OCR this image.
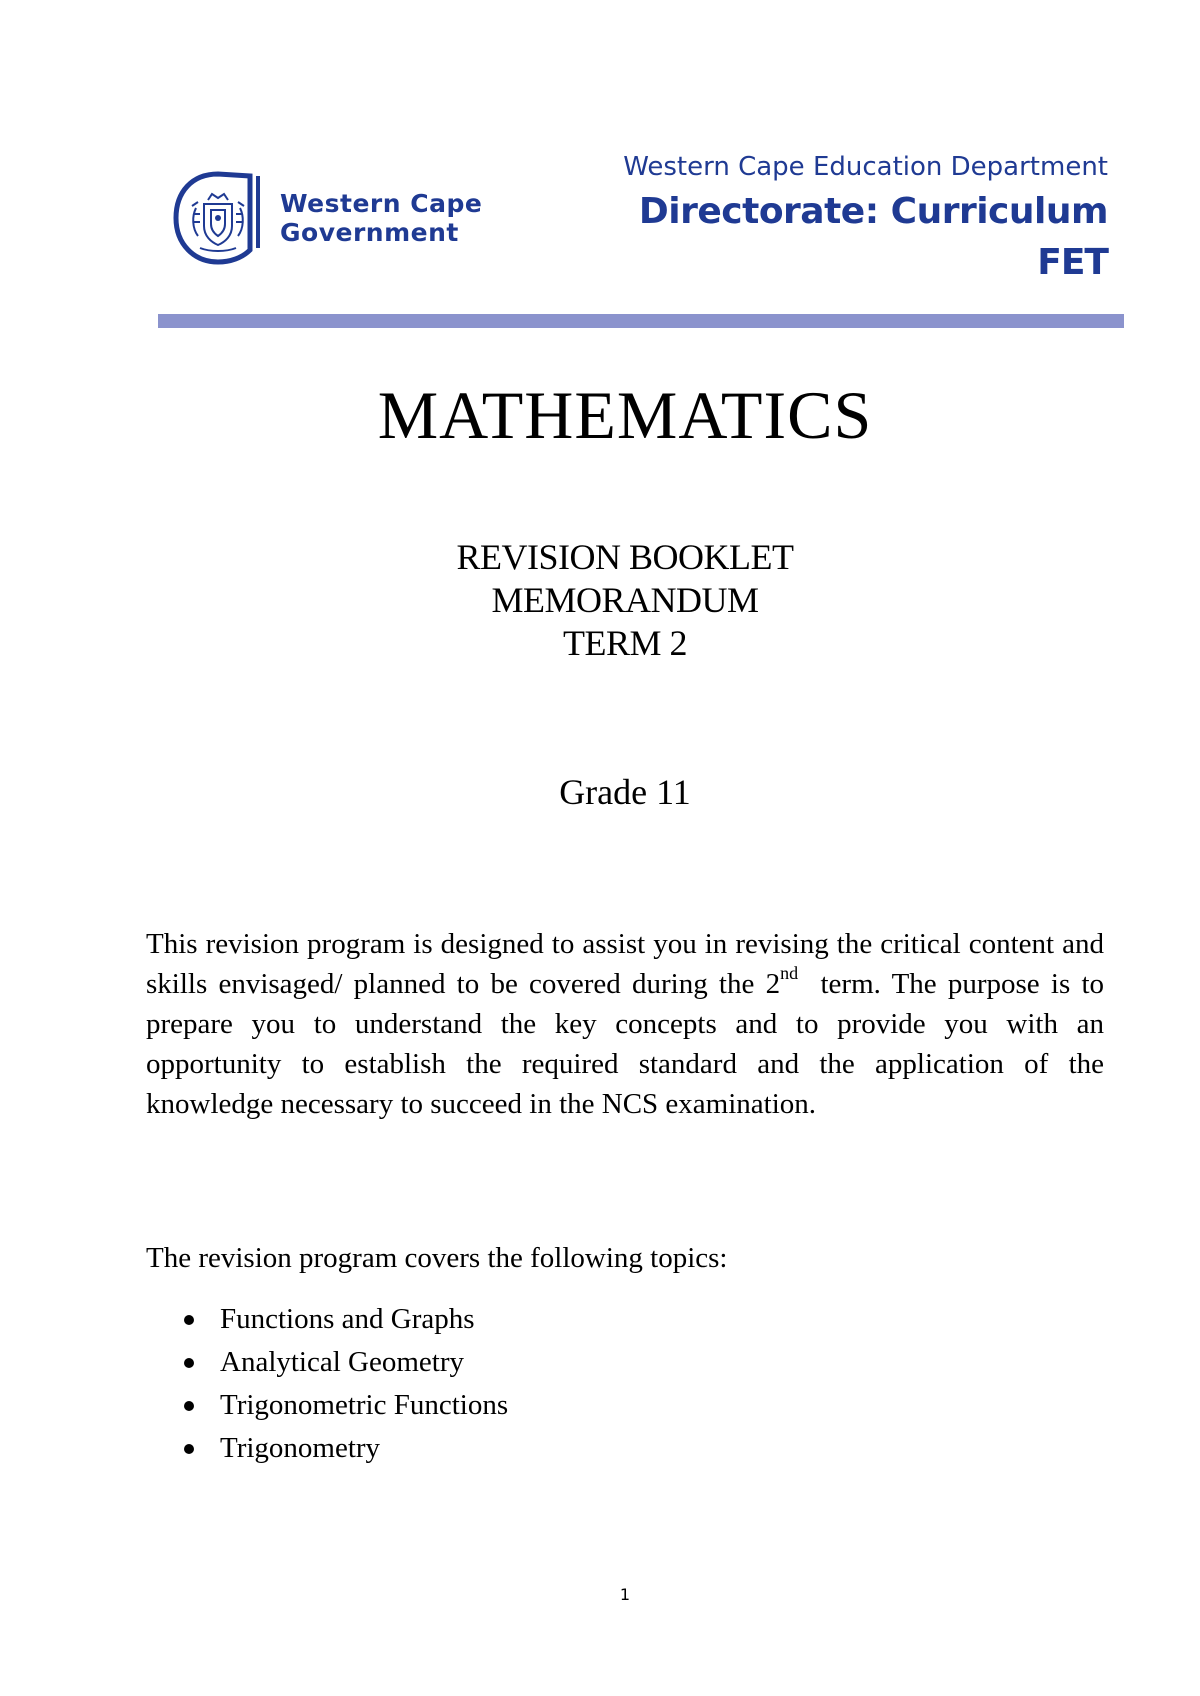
Western Cape
Government
Western Cape Education Department
Directorate: Curriculum
FET
MATHEMATICS
REVISION BOOKLET
MEMORANDUM
TERM 2
Grade 11

This revision program is designed to assist you in revising the critical content and skills envisaged/ planned to be covered during the 2nd  term. The purpose is to prepare you to understand the key concepts and to provide you with an opportunity to establish the required standard and the application of the knowledge necessary to succeed in the NCS examination.

The revision program covers the following topics:
Functions and Graphs
Analytical Geometry
Trigonometric Functions
Trigonometry
1
